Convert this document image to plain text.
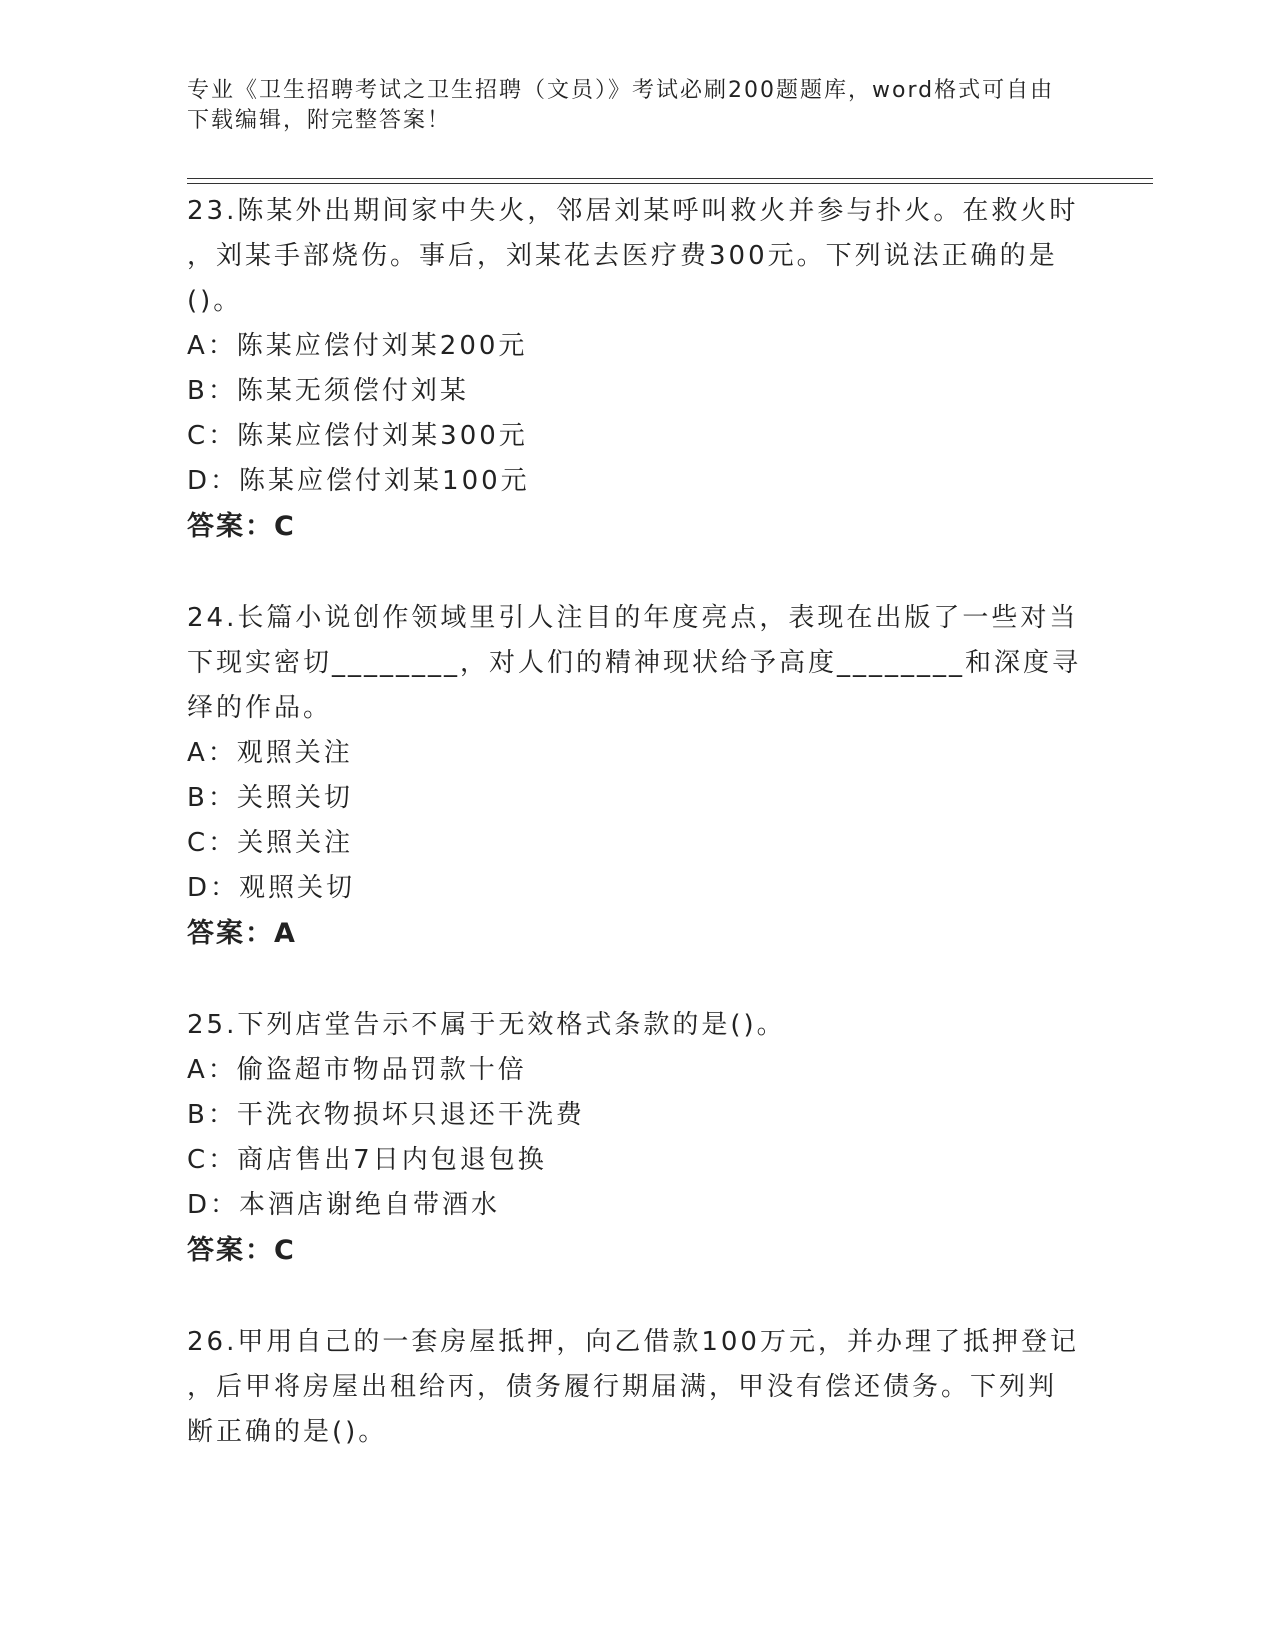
专业《卫生招聘考试之卫生招聘（文员）》考试必刷200题题库，word格式可自由下载编辑，附完整答案！

23.陈某外出期间家中失火，邻居刘某呼叫救火并参与扑火。在救火时
，刘某手部烧伤。事后，刘某花去医疗费300元。下列说法正确的是
()。

A：陈某应偿付刘某200元
B：陈某无须偿付刘某
C：陈某应偿付刘某300元
D：陈某应偿付刘某100元

答案：C

24.长篇小说创作领域里引人注目的年度亮点，表现在出版了一些对当
下现实密切________，对人们的精神现状给予高度________和深度寻
绎的作品。

A：观照关注
B：关照关切
C：关照关注
D：观照关切

答案：A

25.下列店堂告示不属于无效格式条款的是()。

A：偷盗超市物品罚款十倍
B：干洗衣物损坏只退还干洗费
C：商店售出7日内包退包换
D：本酒店谢绝自带酒水

答案：C

26.甲用自己的一套房屋抵押，向乙借款100万元，并办理了抵押登记
，后甲将房屋出租给丙，债务履行期届满，甲没有偿还债务。下列判
断正确的是()。
